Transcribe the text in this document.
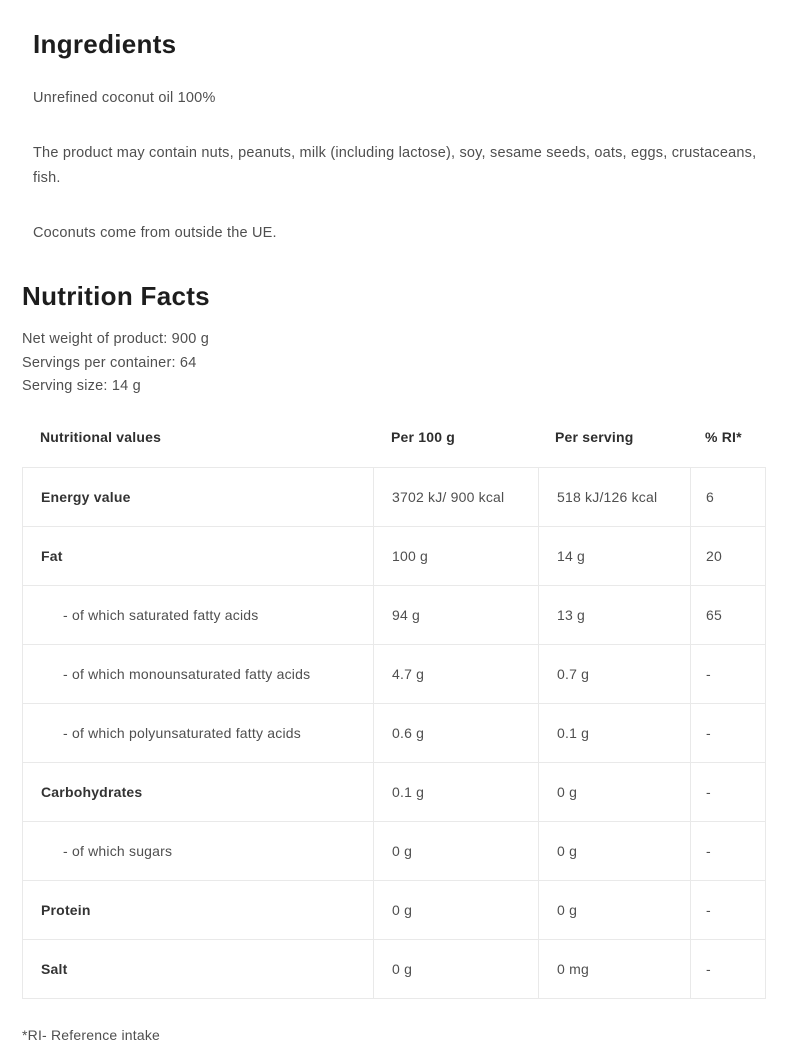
Ingredients
Unrefined coconut oil 100%
The product may contain nuts, peanuts, milk (including lactose), soy, sesame seeds, oats, eggs, crustaceans, fish.
Coconuts come from outside the UE.
Nutrition Facts
Net weight of product: 900 g
Servings per container: 64
Serving size: 14 g
Nutritional values	Per 100 g	Per serving	% RI*
Energy value	3702 kJ/ 900 kcal	518 kJ/126 kcal	6
Fat	100 g	14 g	20
- of which saturated fatty acids	94 g	13 g	65
- of which monounsaturated fatty acids	4.7 g	0.7 g	-
- of which polyunsaturated fatty acids	0.6 g	0.1 g	-
Carbohydrates	0.1 g	0 g	-
- of which sugars	0 g	0 g	-
Protein	0 g	0 g	-
Salt	0 g	0 mg	-
*RI- Reference intake
